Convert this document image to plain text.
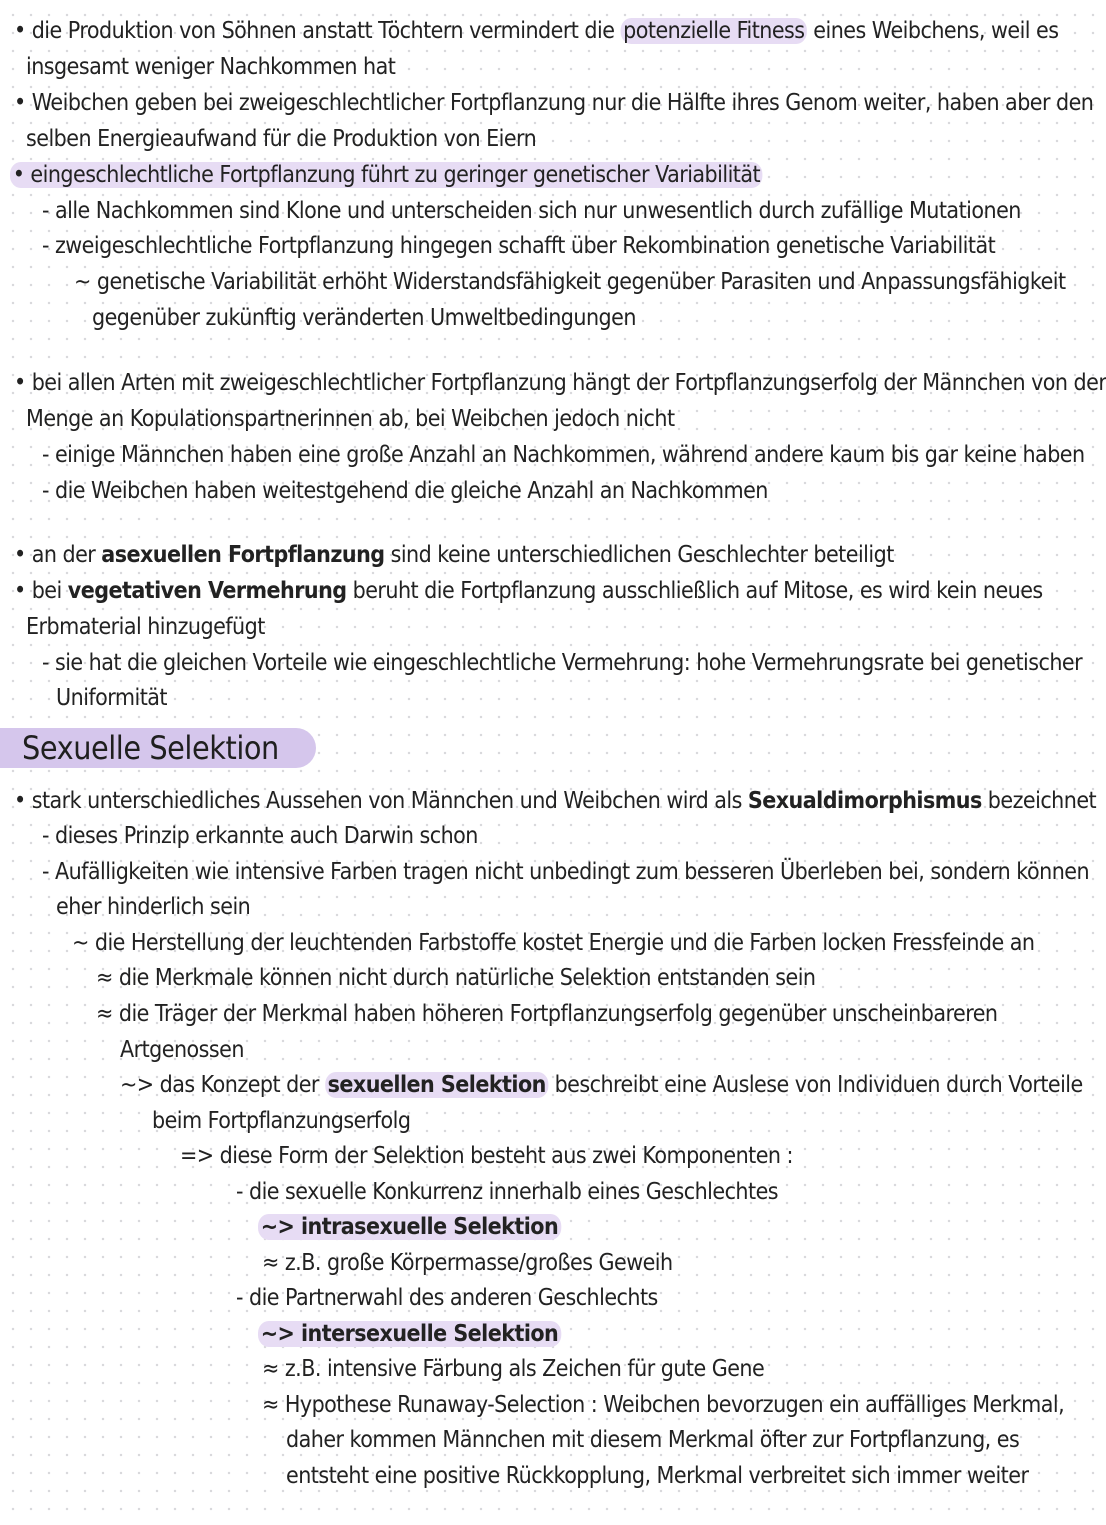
• die Produktion von Söhnen anstatt Töchtern vermindert die potenzielle Fitness eines Weibchens, weil es
insgesamt weniger Nachkommen hat
• Weibchen geben bei zweigeschlechtlicher Fortpflanzung nur die Hälfte ihres Genom weiter, haben aber den
selben Energieaufwand für die Produktion von Eiern
• eingeschlechtliche Fortpflanzung führt zu geringer genetischer Variabilität
- alle Nachkommen sind Klone und unterscheiden sich nur unwesentlich durch zufällige Mutationen
- zweigeschlechtliche Fortpflanzung hingegen schafft über Rekombination genetische Variabilität
~ genetische Variabilität erhöht Widerstandsfähigkeit gegenüber Parasiten und Anpassungsfähigkeit
gegenüber zukünftig veränderten Umweltbedingungen
• bei allen Arten mit zweigeschlechtlicher Fortpflanzung hängt der Fortpflanzungserfolg der Männchen von der
Menge an Kopulationspartnerinnen ab, bei Weibchen jedoch nicht
- einige Männchen haben eine große Anzahl an Nachkommen, während andere kaum bis gar keine haben
- die Weibchen haben weitestgehend die gleiche Anzahl an Nachkommen
• an der asexuellen Fortpflanzung sind keine unterschiedlichen Geschlechter beteiligt
• bei vegetativen Vermehrung beruht die Fortpflanzung ausschließlich auf Mitose, es wird kein neues
Erbmaterial hinzugefügt
- sie hat die gleichen Vorteile wie eingeschlechtliche Vermehrung: hohe Vermehrungsrate bei genetischer
Uniformität
Sexuelle Selektion
• stark unterschiedliches Aussehen von Männchen und Weibchen wird als Sexualdimorphismus bezeichnet
- dieses Prinzip erkannte auch Darwin schon
- Aufälligkeiten wie intensive Farben tragen nicht unbedingt zum besseren Überleben bei, sondern können
eher hinderlich sein
~ die Herstellung der leuchtenden Farbstoffe kostet Energie und die Farben locken Fressfeinde an
≈ die Merkmale können nicht durch natürliche Selektion entstanden sein
≈ die Träger der Merkmal haben höheren Fortpflanzungserfolg gegenüber unscheinbareren
Artgenossen
~> das Konzept der sexuellen Selektion beschreibt eine Auslese von Individuen durch Vorteile
beim Fortpflanzungserfolg
=> diese Form der Selektion besteht aus zwei Komponenten :
- die sexuelle Konkurrenz innerhalb eines Geschlechtes
~> intrasexuelle Selektion
≈ z.B. große Körpermasse/großes Geweih
- die Partnerwahl des anderen Geschlechts
~> intersexuelle Selektion
≈ z.B. intensive Färbung als Zeichen für gute Gene
≈ Hypothese Runaway-Selection : Weibchen bevorzugen ein auffälliges Merkmal,
daher kommen Männchen mit diesem Merkmal öfter zur Fortpflanzung, es
entsteht eine positive Rückkopplung, Merkmal verbreitet sich immer weiter
